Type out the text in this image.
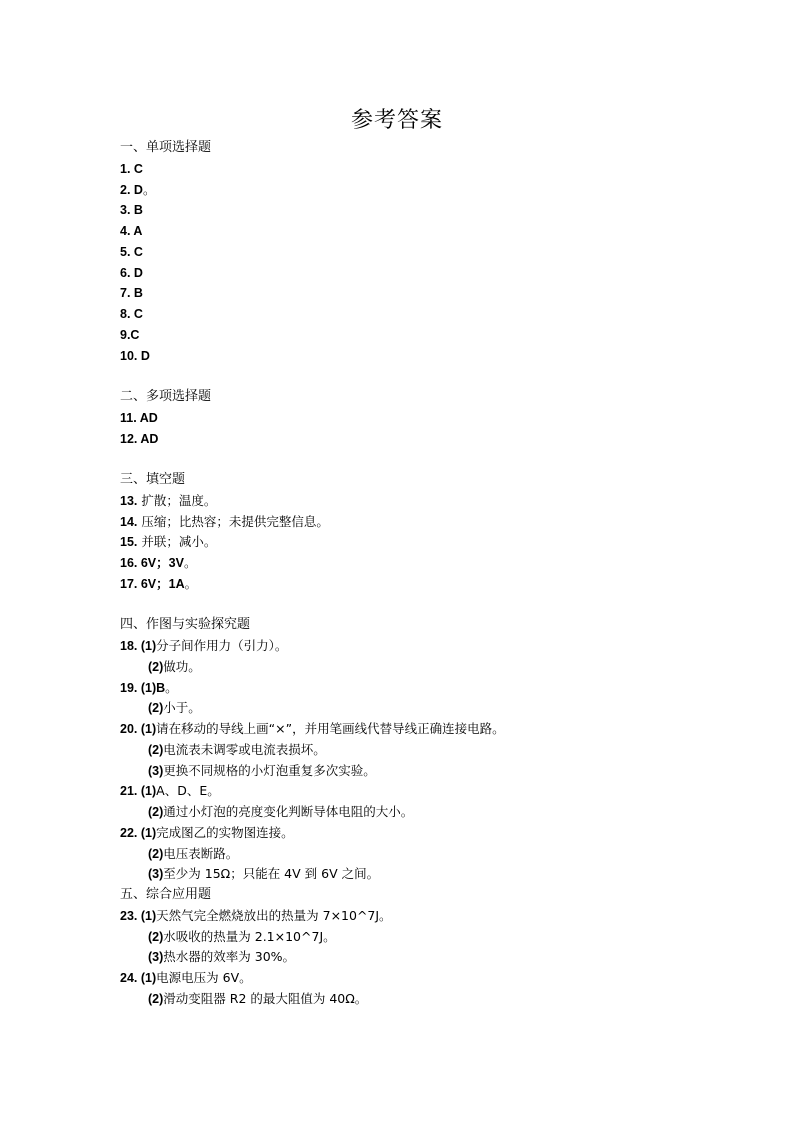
参考答案
一、单项选择题
1. C
2. D。
3. B
4. A
5. C
6. D
7. B
8. C
9.C
10. D
二、多项选择题
11. AD
12. AD
三、填空题
13. 扩散；温度。
14. 压缩；比热容；未提供完整信息。
15. 并联；减小。
16. 6V；3V。
17. 6V；1A。
四、作图与实验探究题
18. (1)分子间作用力（引力）。
(2)做功。
19. (1)B。
(2)小于。
20. (1)请在移动的导线上画“×”，并用笔画线代替导线正确连接电路。
(2)电流表未调零或电流表损坏。
(3)更换不同规格的小灯泡重复多次实验。
21. (1)A、D、E。
(2)通过小灯泡的亮度变化判断导体电阻的大小。
22. (1)完成图乙的实物图连接。
(2)电压表断路。
(3)至少为 15Ω；只能在 4V 到 6V 之间。
五、综合应用题
23. (1)天然气完全燃烧放出的热量为 7×10^7J。
(2)水吸收的热量为 2.1×10^7J。
(3)热水器的效率为 30%。
24. (1)电源电压为 6V。
(2)滑动变阻器 R2 的最大阻值为 40Ω。
